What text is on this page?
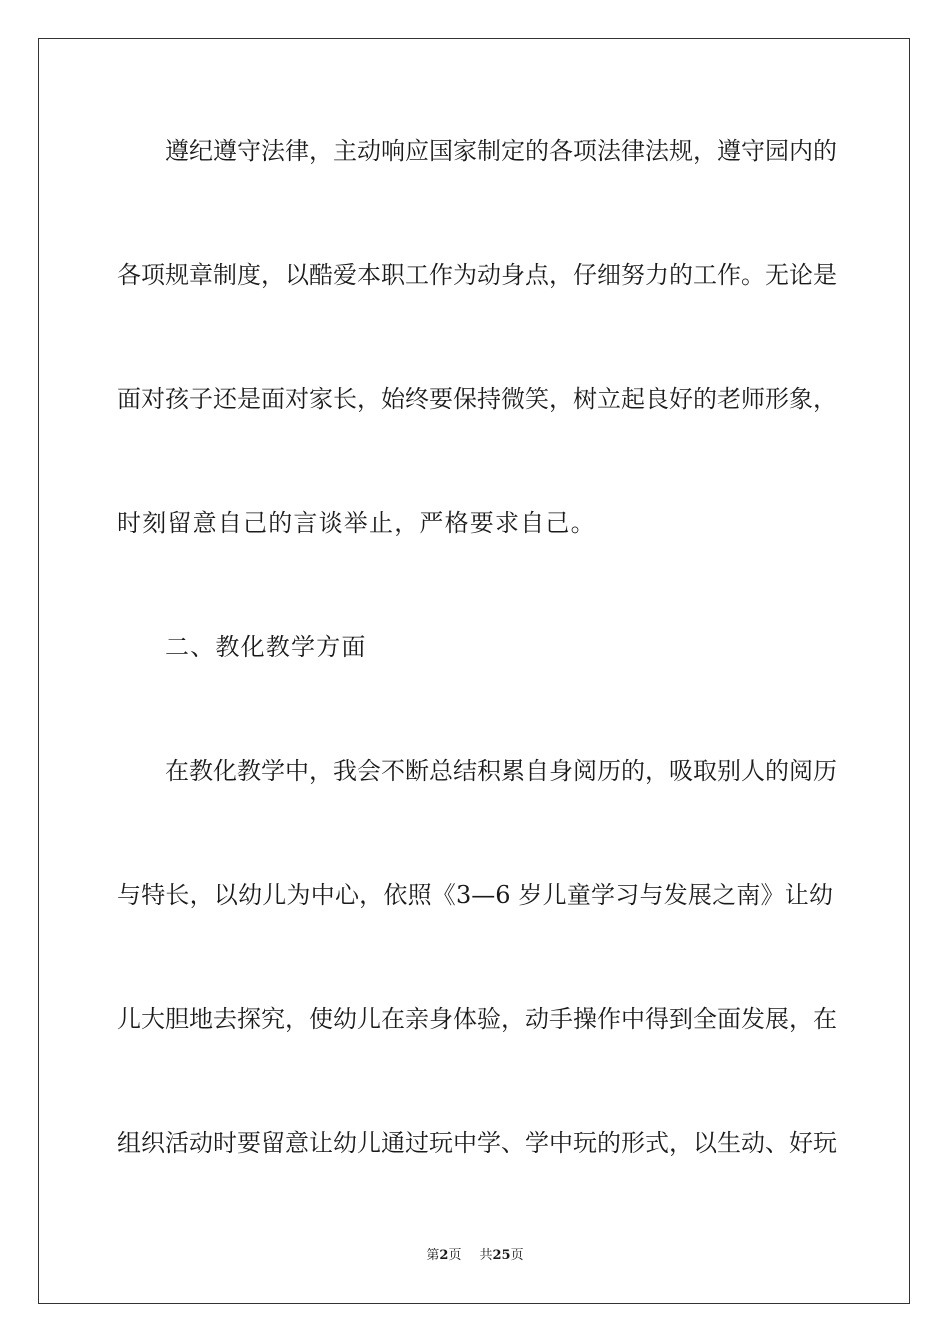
遵纪遵守法律，主动响应国家制定的各项法律法规，遵守园内的
各项规章制度，以酷爱本职工作为动身点，仔细努力的工作。无论是
面对孩子还是面对家长，始终要保持微笑，树立起良好的老师形象，
时刻留意自己的言谈举止，严格要求自己。
二、教化教学方面
在教化教学中，我会不断总结积累自身阅历的，吸取别人的阅历
与特长，以幼儿为中心，依照《3—6 岁儿童学习与发展之南》让幼
儿大胆地去探究，使幼儿在亲身体验，动手操作中得到全面发展，在
组织活动时要留意让幼儿通过玩中学、学中玩的形式，以生动、好玩
第2页 共25页
